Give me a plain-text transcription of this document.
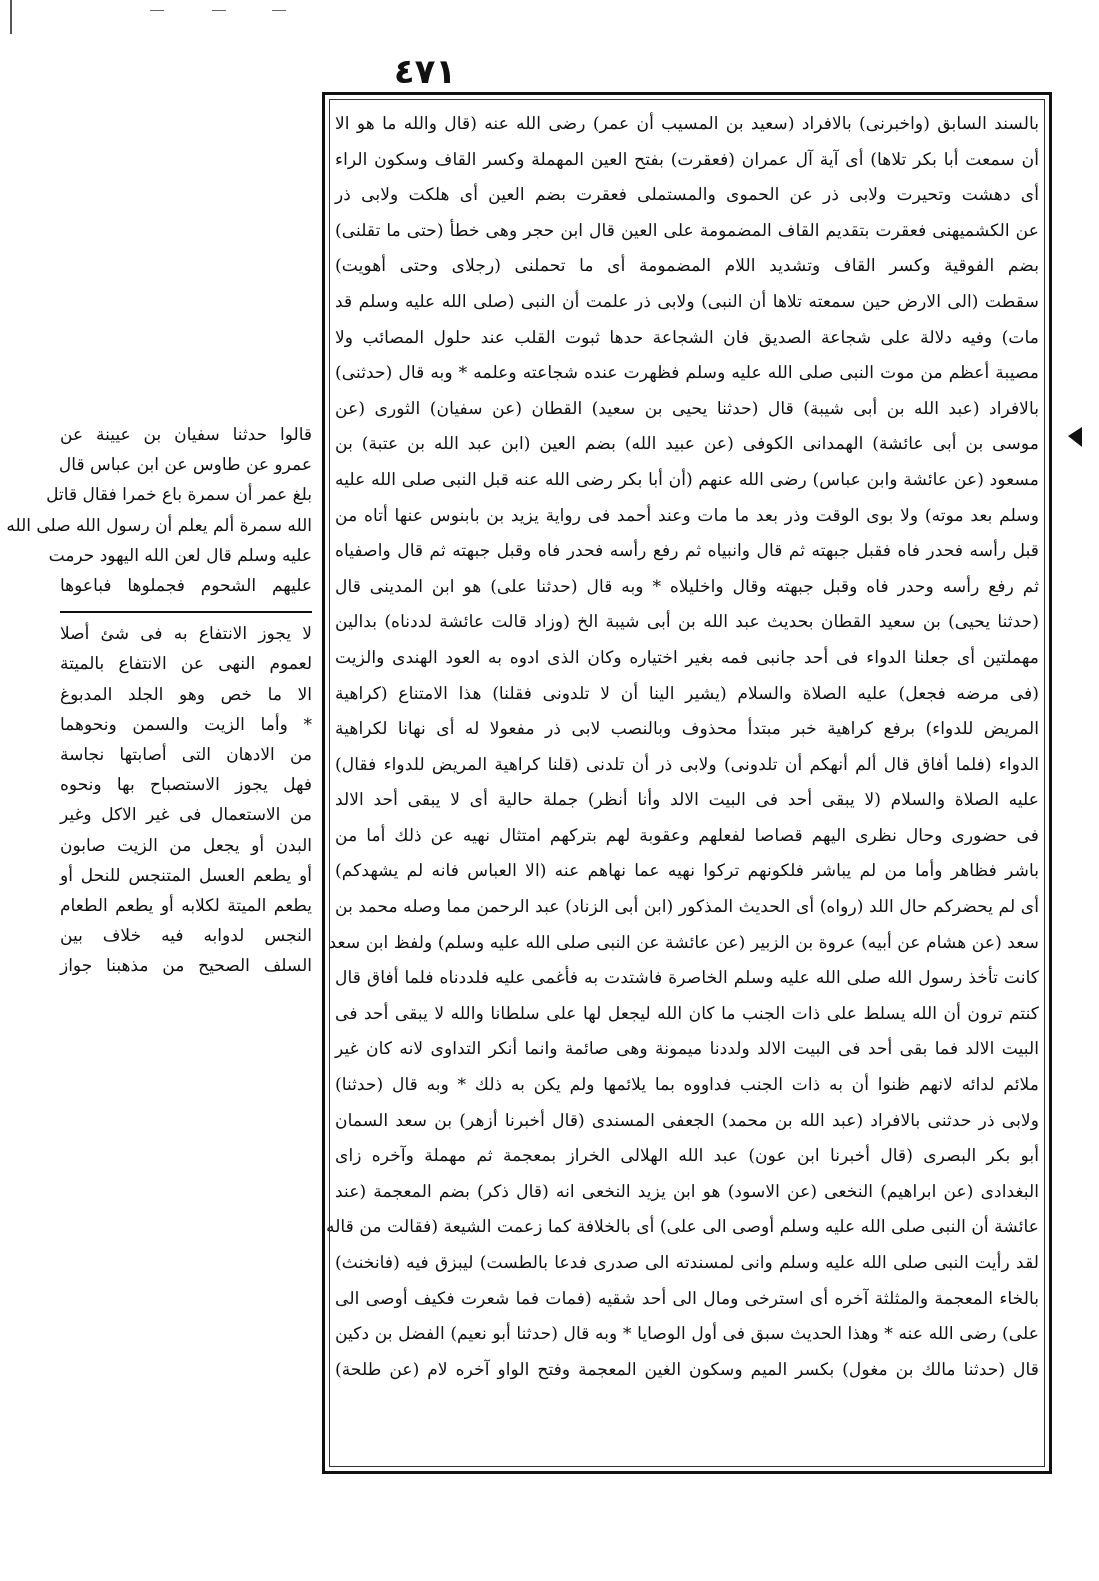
٤٧١
قالوا حدثنا سفيان بن عيينة عن
عمرو عن طاوس عن ابن عباس قال
بلغ عمر أن سمرة باع خمرا فقال قاتل
الله سمرة ألم يعلم أن رسول الله صلى الله
عليه وسلم قال لعن الله اليهود حرمت
عليهم الشحوم فجملوها فباعوها
لا يجوز الانتفاع به فى شئ أصلا
لعموم النهى عن الانتفاع بالميتة
الا ما خص وهو الجلد المدبوغ
* وأما الزيت والسمن ونحوهما
من الادهان التى أصابتها نجاسة
فهل يجوز الاستصباح بها ونحوه
من الاستعمال فى غير الاكل وغير
البدن أو يجعل من الزيت صابون
أو يطعم العسل المتنجس للنحل أو
يطعم الميتة لكلابه أو يطعم الطعام
النجس لدوابه فيه خلاف بين
السلف الصحيح من مذهبنا جواز
بالسند السابق (واخبرنى) بالافراد (سعيد بن المسيب أن عمر) رضى الله عنه (قال والله ما هو الا
أن سمعت أبا بكر تلاها) أى آية آل عمران (فعقرت) بفتح العين المهملة وكسر القاف وسكون الراء
أى دهشت وتحيرت ولابى ذر عن الحموى والمستملى فعقرت بضم العين أى هلكت ولابى ذر
عن الكشميهنى فعقرت بتقديم القاف المضمومة على العين قال ابن حجر وهى خطأ (حتى ما تقلنى)
بضم الفوقية وكسر القاف وتشديد اللام المضمومة أى ما تحملنى (رجلاى وحتى أهويت)
سقطت (الى الارض حين سمعته تلاها أن النبى) ولابى ذر علمت أن النبى (صلى الله عليه وسلم قد
مات) وفيه دلالة على شجاعة الصديق فان الشجاعة حدها ثبوت القلب عند حلول المصائب ولا
مصيبة أعظم من موت النبى صلى الله عليه وسلم فظهرت عنده شجاعته وعلمه * وبه قال (حدثنى)
بالافراد (عبد الله بن أبى شيبة) قال (حدثنا يحيى بن سعيد) القطان (عن سفيان) الثورى (عن
موسى بن أبى عائشة) الهمدانى الكوفى (عن عبيد الله) بضم العين (ابن عبد الله بن عتبة) بن
مسعود (عن عائشة وابن عباس) رضى الله عنهم (أن أبا بكر رضى الله عنه قبل النبى صلى الله عليه
وسلم بعد موته) ولا بوى الوقت وذر بعد ما مات وعند أحمد فى رواية يزيد بن بابنوس عنها أتاه من
قبل رأسه فحدر فاه فقبل جبهته ثم قال وانبياه ثم رفع رأسه فحدر فاه وقبل جبهته ثم قال واصفياه
ثم رفع رأسه وحدر فاه وقبل جبهته وقال واخليلاه * وبه قال (حدثنا على) هو ابن المدينى قال
(حدثنا يحيى) بن سعيد القطان بحديث عبد الله بن أبى شيبة الخ (وزاد قالت عائشة لددناه) بدالين
مهملتين أى جعلنا الدواء فى أحد جانبى فمه بغير اختياره وكان الذى ادوه به العود الهندى والزيت
(فى مرضه فجعل) عليه الصلاة والسلام (يشير الينا أن لا تلدونى فقلنا) هذا الامتناع (كراهية
المريض للدواء) برفع كراهية خبر مبتدأ محذوف وبالنصب لابى ذر مفعولا له أى نهانا لكراهية
الدواء (فلما أفاق قال ألم أنهكم أن تلدونى) ولابى ذر أن تلدنى (قلنا كراهية المريض للدواء فقال)
عليه الصلاة والسلام (لا يبقى أحد فى البيت الالد وأنا أنظر) جملة حالية أى لا يبقى أحد الالد
فى حضورى وحال نظرى اليهم قصاصا لفعلهم وعقوبة لهم بتركهم امتثال نهيه عن ذلك أما من
باشر فظاهر وأما من لم يباشر فلكونهم تركوا نهيه عما نهاهم عنه (الا العباس فانه لم يشهدكم)
أى لم يحضركم حال اللد (رواه) أى الحديث المذكور (ابن أبى الزناد) عبد الرحمن مما وصله محمد بن
سعد (عن هشام عن أبيه) عروة بن الزبير (عن عائشة عن النبى صلى الله عليه وسلم) ولفظ ابن سعد
كانت تأخذ رسول الله صلى الله عليه وسلم الخاصرة فاشتدت به فأغمى عليه فلددناه فلما أفاق قال
كنتم ترون أن الله يسلط على ذات الجنب ما كان الله ليجعل لها على سلطانا والله لا يبقى أحد فى
البيت الالد فما بقى أحد فى البيت الالد ولددنا ميمونة وهى صائمة وانما أنكر التداوى لانه كان غير
ملائم لدائه لانهم ظنوا أن به ذات الجنب فداووه بما يلائمها ولم يكن به ذلك * وبه قال (حدثنا)
ولابى ذر حدثنى بالافراد (عبد الله بن محمد) الجعفى المسندى (قال أخبرنا أزهر) بن سعد السمان
أبو بكر البصرى (قال أخبرنا ابن عون) عبد الله الهلالى الخراز بمعجمة ثم مهملة وآخره زاى
البغدادى (عن ابراهيم) النخعى (عن الاسود) هو ابن يزيد النخعى انه (قال ذكر) بضم المعجمة (عند
عائشة أن النبى صلى الله عليه وسلم أوصى الى على) أى بالخلافة كما زعمت الشيعة (فقالت من قاله
لقد رأيت النبى صلى الله عليه وسلم وانى لمسندته الى صدرى فدعا بالطست) ليبزق فيه (فانخنث)
بالخاء المعجمة والمثلثة آخره أى استرخى ومال الى أحد شقيه (فمات فما شعرت فكيف أوصى الى
على) رضى الله عنه * وهذا الحديث سبق فى أول الوصايا * وبه قال (حدثنا أبو نعيم) الفضل بن دكين
قال (حدثنا مالك بن مغول) بكسر الميم وسكون الغين المعجمة وفتح الواو آخره لام (عن طلحة)
